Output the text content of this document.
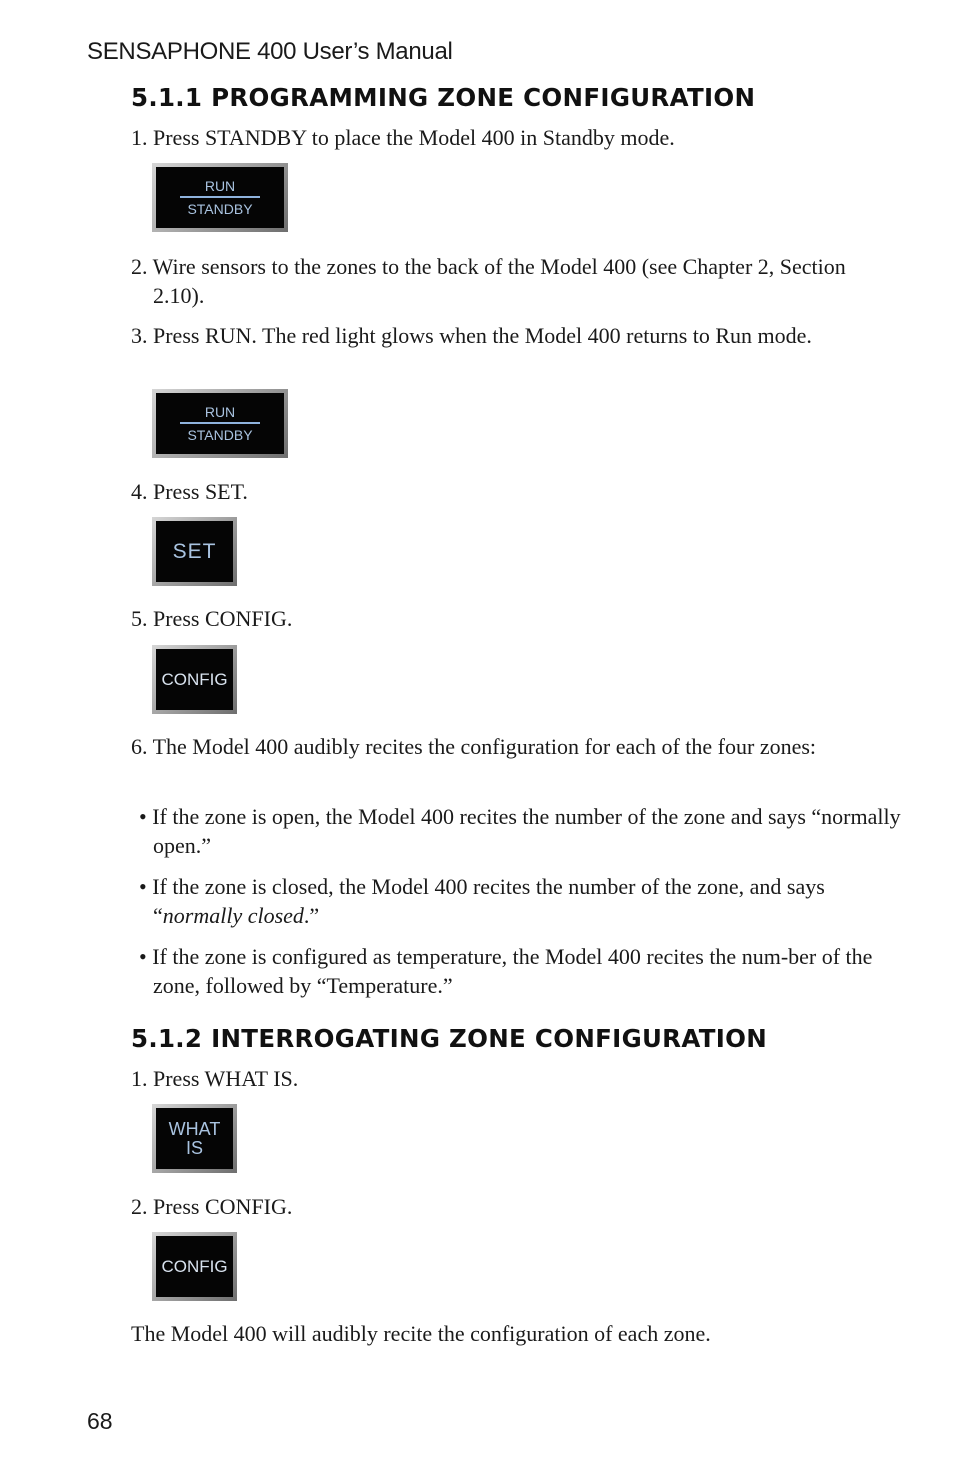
SENSAPHONE 400 User’s Manual
5.1.1 PROGRAMMING ZONE CONFIGURATION
1. Press STANDBY to place the Model 400 in Standby mode.
RUN
STANDBY
2. Wire sensors to the zones to the back of the Model 400 (see Chapter 2, Section 2.10).
3. Press RUN. The red light glows when the Model 400 returns to Run mode.
RUN
STANDBY
4. Press SET.
SET
5. Press CONFIG.
CONFIG
6. The Model 400 audibly recites the configuration for each of the four zones:
• If the zone is open, the Model 400 recites the number of the zone and says “normally open.”
• If the zone is closed, the Model 400 recites the number of the zone, and says “normally closed.”
• If the zone is configured as temperature, the Model 400 recites the num-ber of the zone, followed by “Temperature.”
5.1.2 INTERROGATING ZONE CONFIGURATION
1. Press WHAT IS.
WHAT
IS
2. Press CONFIG.
CONFIG
The Model 400 will audibly recite the configuration of each zone.
68
